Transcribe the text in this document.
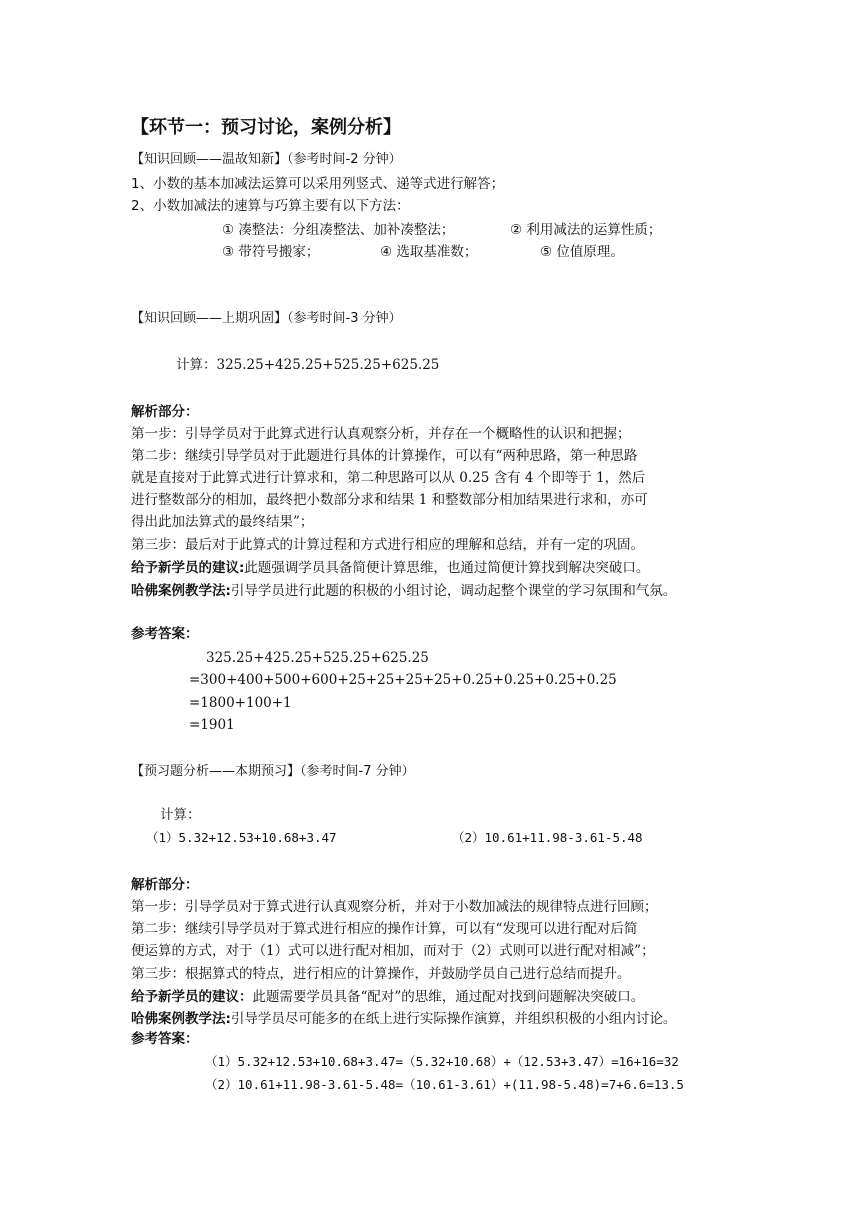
【环节一：预习讨论，案例分析】
【知识回顾——温故知新】（参考时间-2 分钟）
1、小数的基本加减法运算可以采用列竖式、递等式进行解答；
2、小数加减法的速算与巧算主要有以下方法：
① 凑整法：分组凑整法、加补凑整法；	② 利用减法的运算性质；
③ 带符号搬家；	④ 选取基准数；	⑤ 位值原理。
【知识回顾——上期巩固】（参考时间-3 分钟）
计算：325.25+425.25+525.25+625.25
解析部分：
第一步：引导学员对于此算式进行认真观察分析，并存在一个概略性的认识和把握；
第二步：继续引导学员对于此题进行具体的计算操作，可以有“两种思路，第一种思路
就是直接对于此算式进行计算求和，第二种思路可以从 0.25 含有 4 个即等于 1，然后
进行整数部分的相加，最终把小数部分求和结果 1 和整数部分相加结果进行求和，亦可
得出此加法算式的最终结果”；
第三步：最后对于此算式的计算过程和方式进行相应的理解和总结，并有一定的巩固。
给予新学员的建议:此题强调学员具备简便计算思维，也通过简便计算找到解决突破口。
哈佛案例教学法:引导学员进行此题的积极的小组讨论，调动起整个课堂的学习氛围和气氛。
参考答案：
325.25+425.25+525.25+625.25
=300+400+500+600+25+25+25+25+0.25+0.25+0.25+0.25
=1800+100+1
=1901
【预习题分析——本期预习】（参考时间-7 分钟）
计算：
（1）5.32+12.53+10.68+3.47	（2）10.61+11.98-3.61-5.48
解析部分：
第一步：引导学员对于算式进行认真观察分析，并对于小数加减法的规律特点进行回顾；
第二步：继续引导学员对于算式进行相应的操作计算，可以有“发现可以进行配对后简
便运算的方式，对于（1）式可以进行配对相加，而对于（2）式则可以进行配对相减”；
第三步：根据算式的特点，进行相应的计算操作，并鼓励学员自己进行总结而提升。
给予新学员的建议：此题需要学员具备“配对”的思维，通过配对找到问题解决突破口。
哈佛案例教学法:引导学员尽可能多的在纸上进行实际操作演算，并组织积极的小组内讨论。
参考答案：
（1）5.32+12.53+10.68+3.47=（5.32+10.68）+（12.53+3.47）=16+16=32
（2）10.61+11.98-3.61-5.48=（10.61-3.61）+(11.98-5.48)=7+6.6=13.5
